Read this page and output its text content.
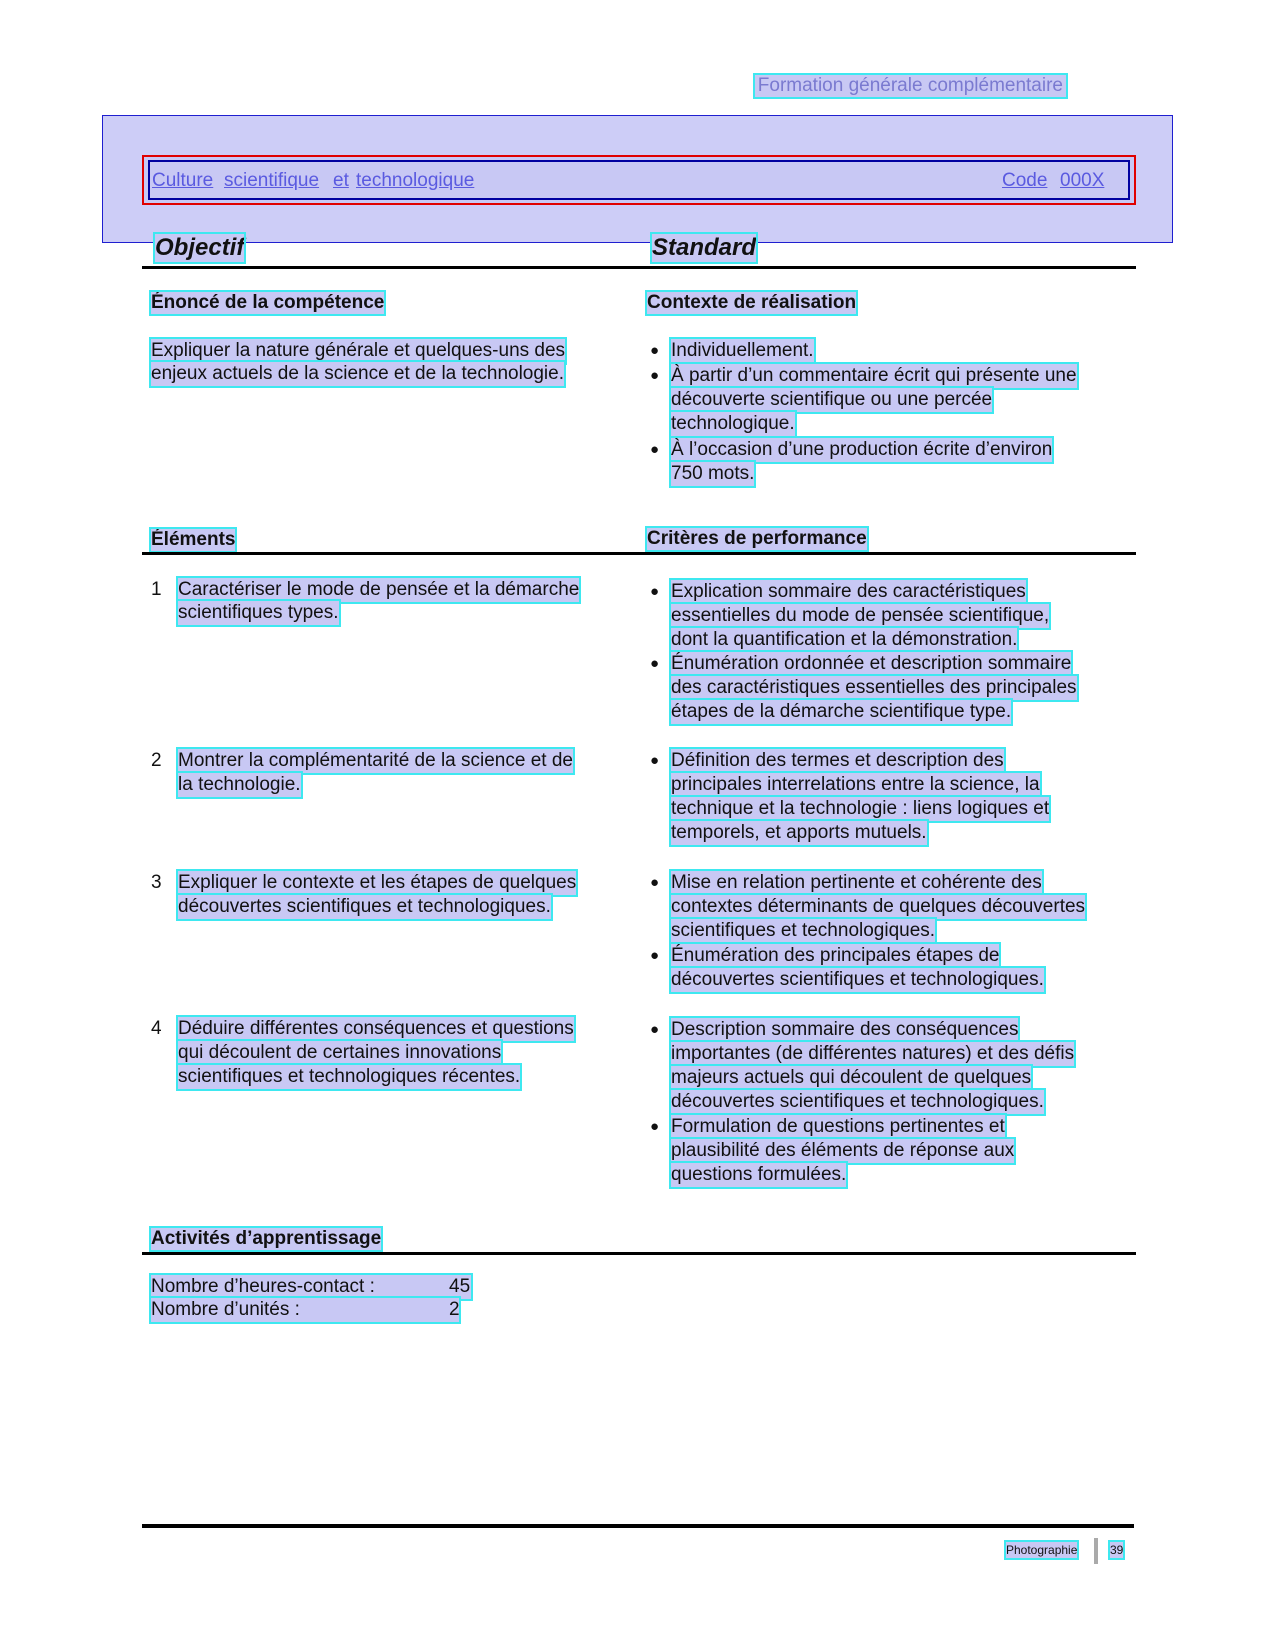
Formation générale complémentaire
Culture scientifique et technologique	Code 000X
Objectif	Standard
Énoncé de la compétence	Contexte de réalisation
Expliquer la nature générale et quelques-uns des
enjeux actuels de la science et de la technologie.
● Individuellement.
● À partir d’un commentaire écrit qui présente une
découverte scientifique ou une percée
technologique.
● À l’occasion d’une production écrite d’environ
750 mots.
Éléments	Critères de performance
1 Caractériser le mode de pensée et la démarche
scientifiques types.
● Explication sommaire des caractéristiques
essentielles du mode de pensée scientifique,
dont la quantification et la démonstration.
● Énumération ordonnée et description sommaire
des caractéristiques essentielles des principales
étapes de la démarche scientifique type.
2 Montrer la complémentarité de la science et de
la technologie.
● Définition des termes et description des
principales interrelations entre la science, la
technique et la technologie : liens logiques et
temporels, et apports mutuels.
3 Expliquer le contexte et les étapes de quelques
découvertes scientifiques et technologiques.
● Mise en relation pertinente et cohérente des
contextes déterminants de quelques découvertes
scientifiques et technologiques.
● Énumération des principales étapes de
découvertes scientifiques et technologiques.
4 Déduire différentes conséquences et questions
qui découlent de certaines innovations
scientifiques et technologiques récentes.
● Description sommaire des conséquences
importantes (de différentes natures) et des défis
majeurs actuels qui découlent de quelques
découvertes scientifiques et technologiques.
● Formulation de questions pertinentes et
plausibilité des éléments de réponse aux
questions formulées.
Activités d’apprentissage
Nombre d’heures-contact :	45
Nombre d’unités :	2
Photographie	39
